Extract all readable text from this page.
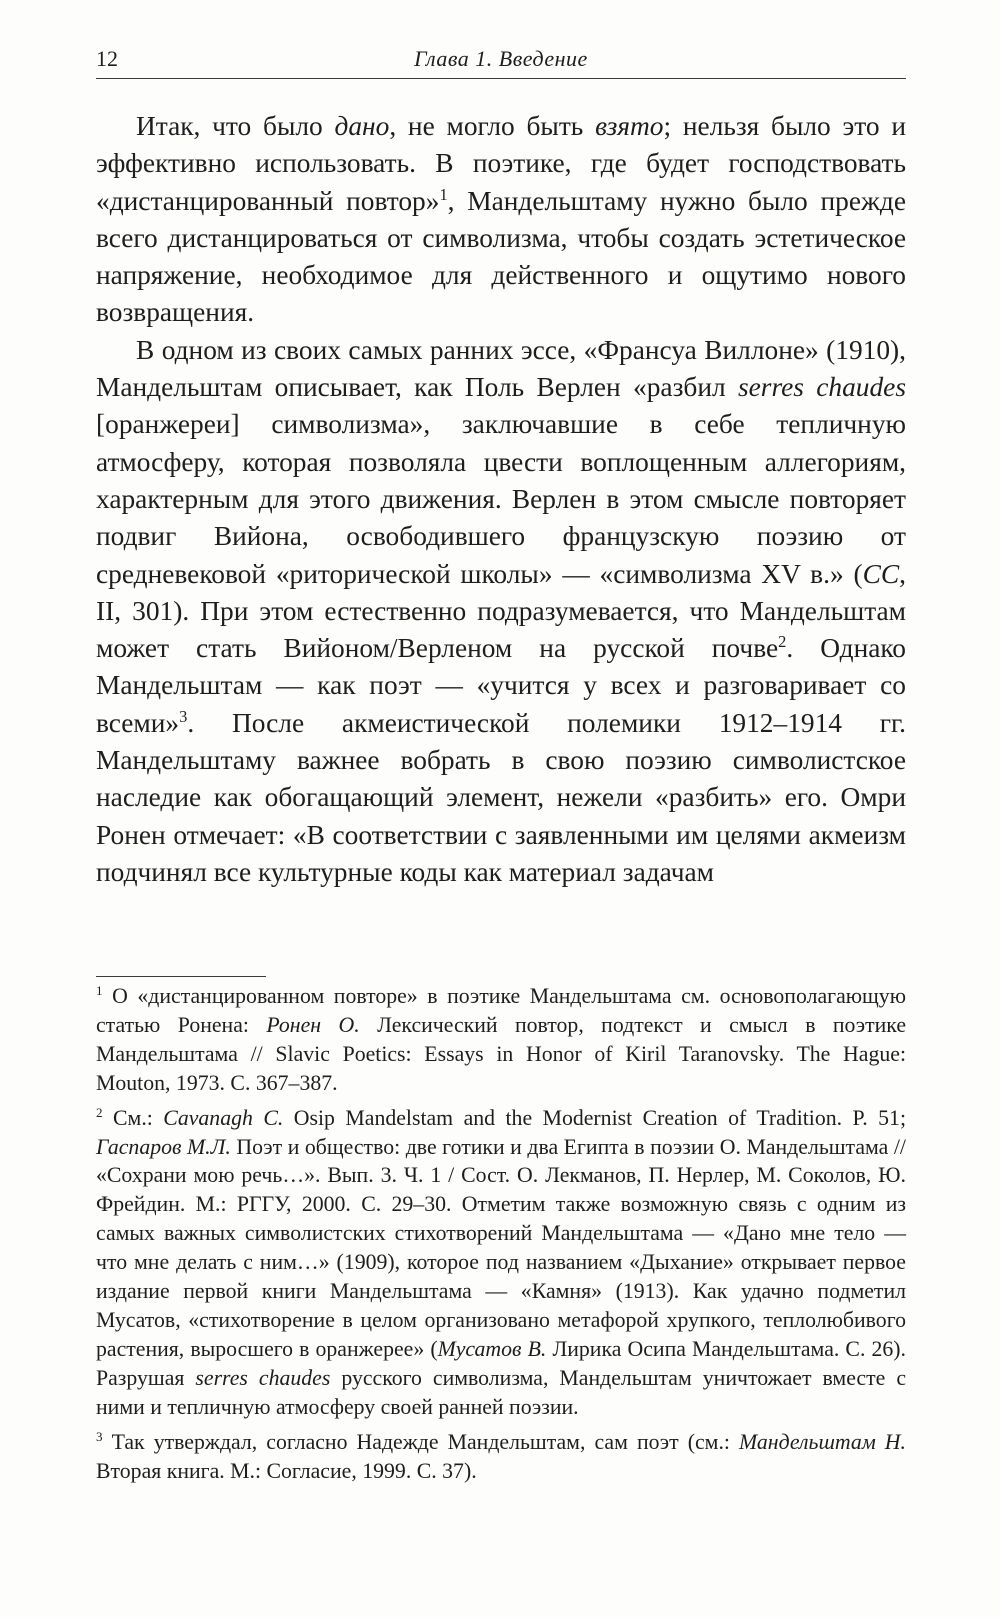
12	Глава 1. Введение

Итак, что было дано, не могло быть взято; нельзя было это и эффективно использовать. В поэтике, где будет господствовать «дистанцированный повтор»$^1$, Мандельштаму нужно было прежде всего дистанцироваться от символизма, чтобы создать эстетическое напряжение, необходимое для действенного и ощутимо нового возвращения.

В одном из своих самых ранних эссе, «Франсуа Виллоне» (1910), Мандельштам описывает, как Поль Верлен «разбил serres chaudes [оранжереи] символизма», заключавшие в себе тепличную атмосферу, которая позволяла цвести воплощенным аллегориям, характерным для этого движения. Верлен в этом смысле повторяет подвиг Вийона, освободившего французскую поэзию от средневековой «риторической школы» — «символизма XV в.» (СС, II, 301). При этом естественно подразумевается, что Мандельштам может стать Вийоном/Верленом на русской почве$^2$. Однако Мандельштам — как поэт — «учится у всех и разговаривает со всеми»$^3$. После акмеистической полемики 1912–1914 гг. Мандельштаму важнее вобрать в свою поэзию символистское наследие как обогащающий элемент, нежели «разбить» его. Омри Ронен отмечает: «В соответствии с заявленными им целями акмеизм подчинял все культурные коды как материал задачам

$^1$ О «дистанцированном повторе» в поэтике Мандельштама см. основополагающую статью Ронена: Ронен О. Лексический повтор, подтекст и смысл в поэтике Мандельштама // Slavic Poetics: Essays in Honor of Kiril Taranovsky. The Hague: Mouton, 1973. С. 367–387.

$^2$ См.: Cavanagh C. Osip Mandelstam and the Modernist Creation of Tradition. P. 51; Гаспаров М.Л. Поэт и общество: две готики и два Египта в поэзии О. Мандельштама // «Сохрани мою речь…». Вып. 3. Ч. 1 / Сост. О. Лекманов, П. Нерлер, М. Соколов, Ю. Фрейдин. М.: РГГУ, 2000. С. 29–30. Отметим также возможную связь с одним из самых важных символистских стихотворений Мандельштама — «Дано мне тело — что мне делать с ним…» (1909), которое под названием «Дыхание» открывает первое издание первой книги Мандельштама — «Камня» (1913). Как удачно подметил Мусатов, «стихотворение в целом организовано метафорой хрупкого, теплолюбивого растения, выросшего в оранжерее» (Мусатов В. Лирика Осипа Мандельштама. С. 26). Разрушая serres chaudes русского символизма, Мандельштам уничтожает вместе с ними и тепличную атмосферу своей ранней поэзии.

$^3$ Так утверждал, согласно Надежде Мандельштам, сам поэт (см.: Мандельштам Н. Вторая книга. М.: Согласие, 1999. С. 37).
